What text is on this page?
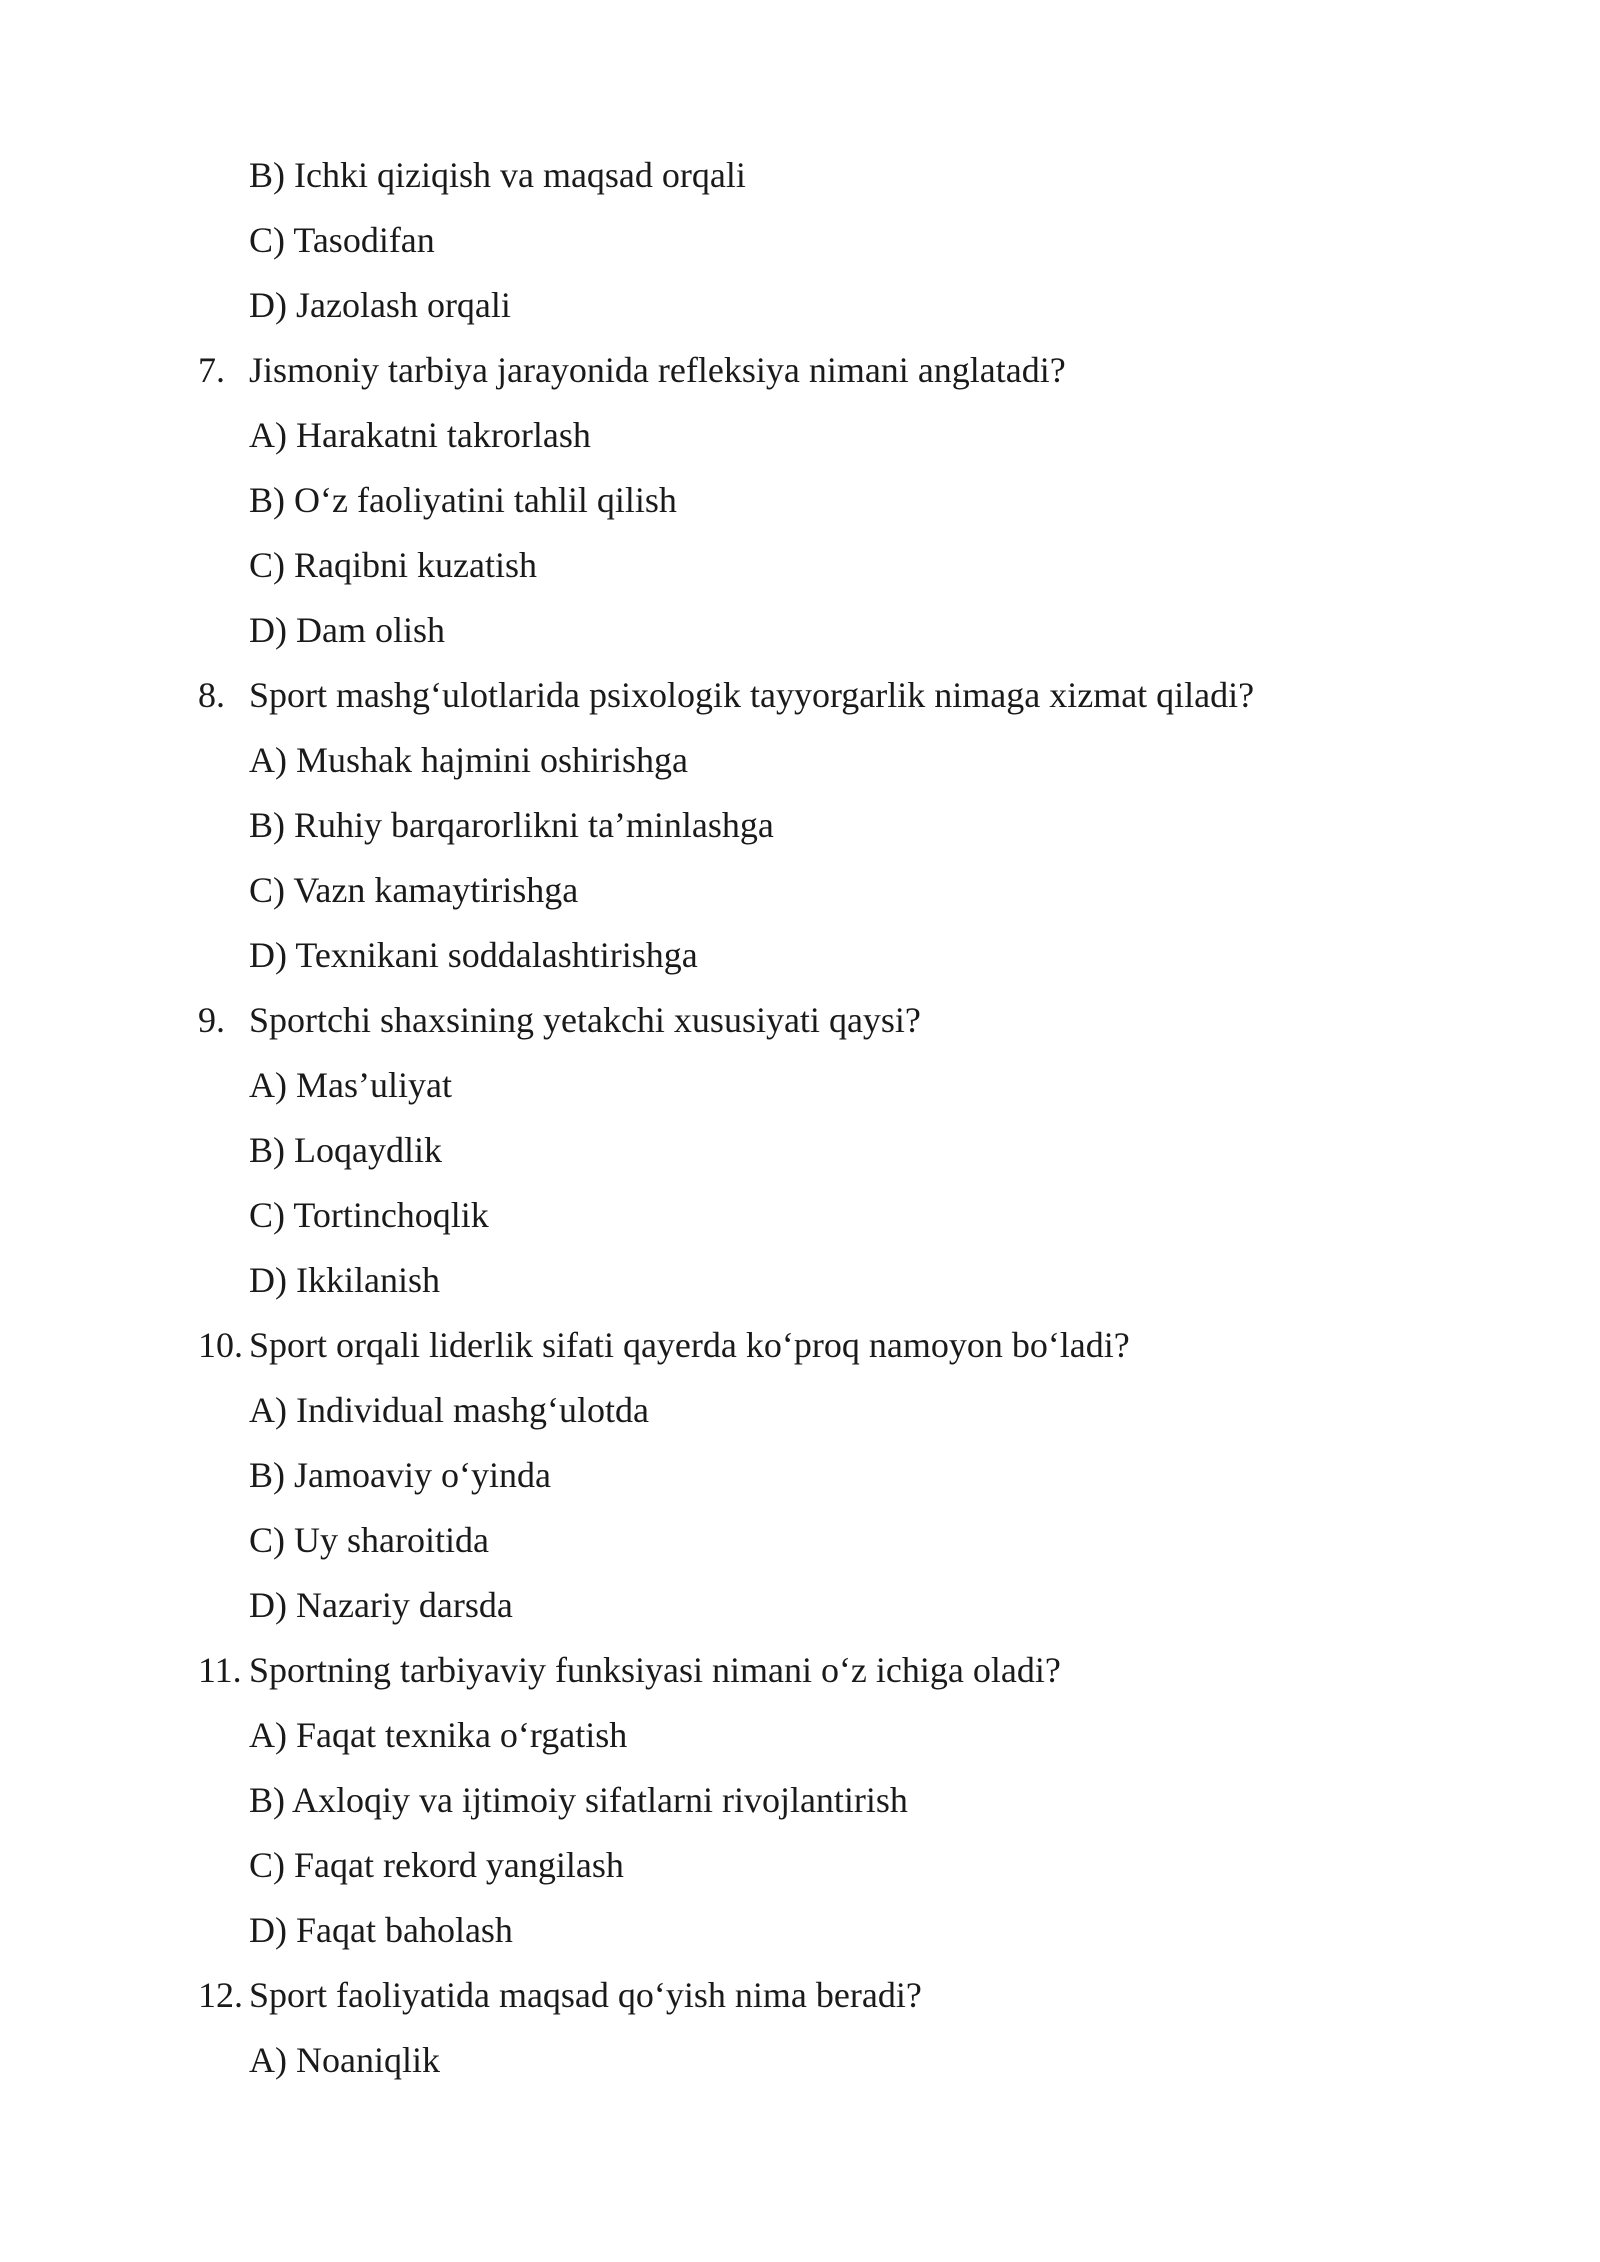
B) Ichki qiziqish va maqsad orqali
C) Tasodifan
D) Jazolash orqali
7. Jismoniy tarbiya jarayonida refleksiya nimani anglatadi?
A) Harakatni takrorlash
B) O‘z faoliyatini tahlil qilish
C) Raqibni kuzatish
D) Dam olish
8. Sport mashg‘ulotlarida psixologik tayyorgarlik nimaga xizmat qiladi?
A) Mushak hajmini oshirishga
B) Ruhiy barqarorlikni ta’minlashga
C) Vazn kamaytirishga
D) Texnikani soddalashtirishga
9. Sportchi shaxsining yetakchi xususiyati qaysi?
A) Mas’uliyat
B) Loqaydlik
C) Tortinchoqlik
D) Ikkilanish
10. Sport orqali liderlik sifati qayerda ko‘proq namoyon bo‘ladi?
A) Individual mashg‘ulotda
B) Jamoaviy o‘yinda
C) Uy sharoitida
D) Nazariy darsda
11. Sportning tarbiyaviy funksiyasi nimani o‘z ichiga oladi?
A) Faqat texnika o‘rgatish
B) Axloqiy va ijtimoiy sifatlarni rivojlantirish
C) Faqat rekord yangilash
D) Faqat baholash
12. Sport faoliyatida maqsad qo‘yish nima beradi?
A) Noaniqlik
